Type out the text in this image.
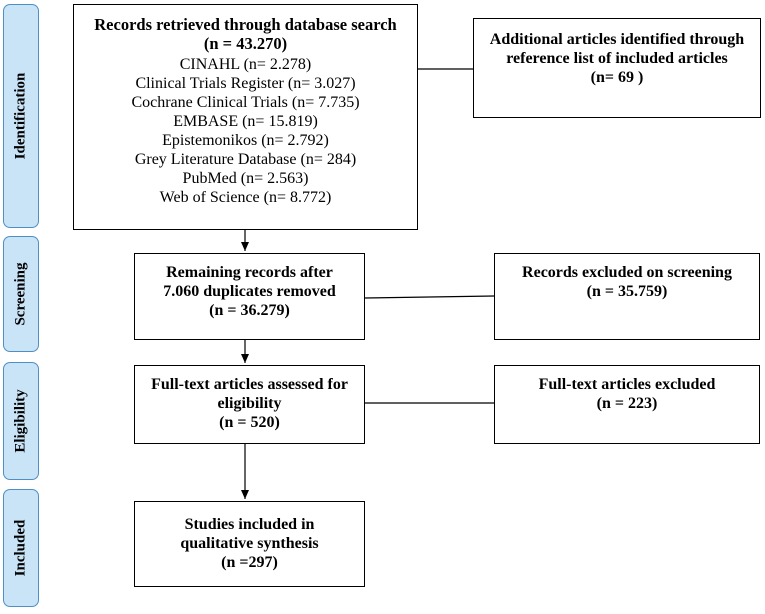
Identification
Screening
Eligibility
Included
Records retrieved through database search
(n = 43.270)
CINAHL (n= 2.278)
Clinical Trials Register (n= 3.027)
Cochrane Clinical Trials (n= 7.735)
EMBASE (n= 15.819)
Epistemonikos (n= 2.792)
Grey Literature Database (n= 284)
PubMed (n= 2.563)
Web of Science (n= 8.772)
Additional articles identified through
reference list of included articles
(n= 69 )
Remaining records after
7.060 duplicates removed
(n = 36.279)
Records excluded on screening
(n = 35.759)
Full-text articles assessed for
eligibility
(n = 520)
Full-text articles excluded
(n = 223)
Studies included in
qualitative synthesis
(n =297)
